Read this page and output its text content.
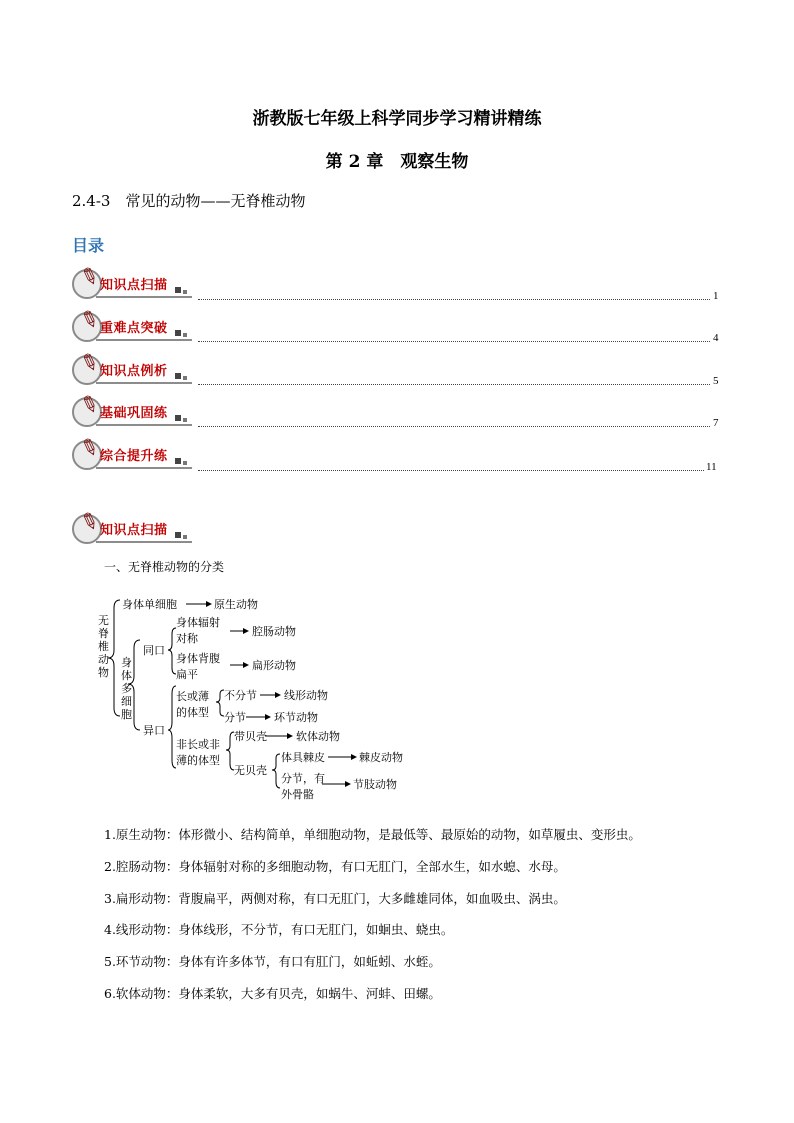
浙教版七年级上科学同步学习精讲精练
第 2 章　观察生物
2.4-3　常见的动物——无脊椎动物
目录
✎
知识点扫描
1
✎
重难点突破
4
✎
知识点例析
5
✎
基础巩固练
7
✎
综合提升练
11
✎
知识点扫描
一、无脊椎动物的分类
无脊椎动物
身体单细胞	原生动物
身体多细胞
同口
身体辐射
对称
腔肠动物
身体背腹
扁平
扁形动物
异口
长或薄
的体型
不分节 线形动物
分节	环节动物
非长或非
薄的体型
带贝壳	软体动物
无贝壳
体具棘皮	棘皮动物
分节，有
外骨骼
节肢动物
1.原生动物：体形微小、结构简单，单细胞动物，是最低等、最原始的动物，如草履虫、变形虫。
2.腔肠动物：身体辐射对称的多细胞动物，有口无肛门，全部水生，如水螅、水母。
3.扁形动物：背腹扁平，两侧对称，有口无肛门，大多雌雄同体，如血吸虫、涡虫。
4.线形动物：身体线形，不分节，有口无肛门，如蛔虫、蛲虫。
5.环节动物：身体有许多体节，有口有肛门，如蚯蚓、水蛭。
6.软体动物：身体柔软，大多有贝壳，如蜗牛、河蚌、田螺。
